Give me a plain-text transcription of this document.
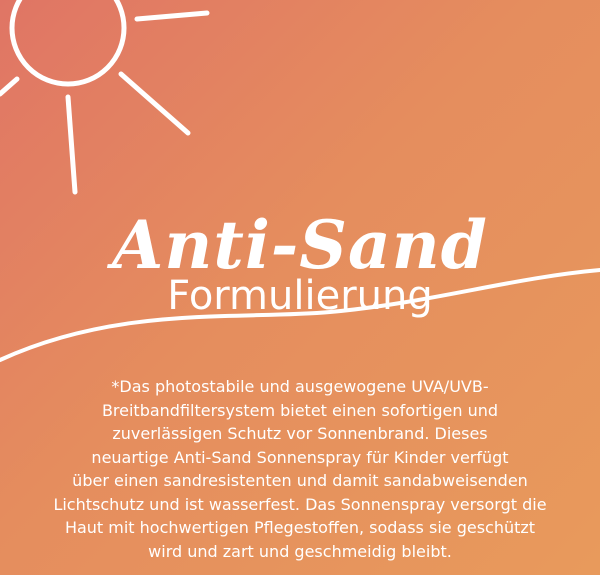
Anti-Sand
Formulierung

*Das photostabile und ausgewogene UVA/UVB-
Breitbandfiltersystem bietet einen sofortigen und
zuverlässigen Schutz vor Sonnenbrand. Dieses
neuartige Anti-Sand Sonnenspray für Kinder verfügt
über einen sandresistenten und damit sandabweisenden
Lichtschutz und ist wasserfest. Das Sonnenspray versorgt die
Haut mit hochwertigen Pflegestoffen, sodass sie geschützt
wird und zart und geschmeidig bleibt.
